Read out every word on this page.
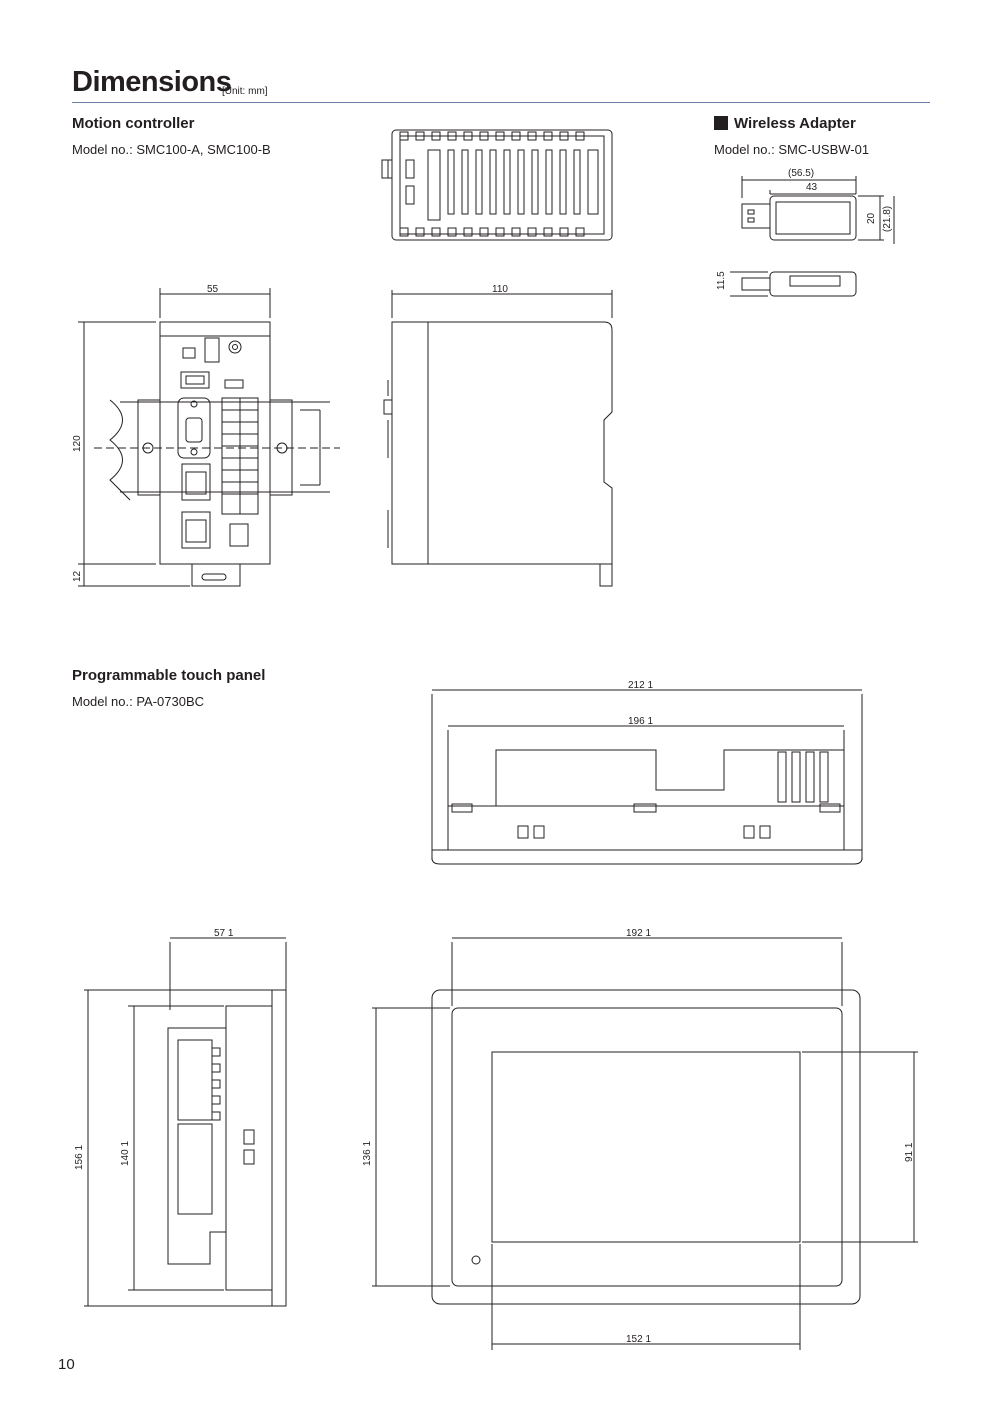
Dimensions
[Unit: mm]
Motion controller
Model no.: SMC100-A, SMC100-B
Wireless Adapter
Model no.: SMC-USBW-01
Programmable touch panel
Model no.: PA-0730BC
10
55
120
12
110
(56.5)
43
20 (21.8)
11.5
212 1
196 1
57 1
156 1	140 1
192 1
136 1	91 1
152 1
